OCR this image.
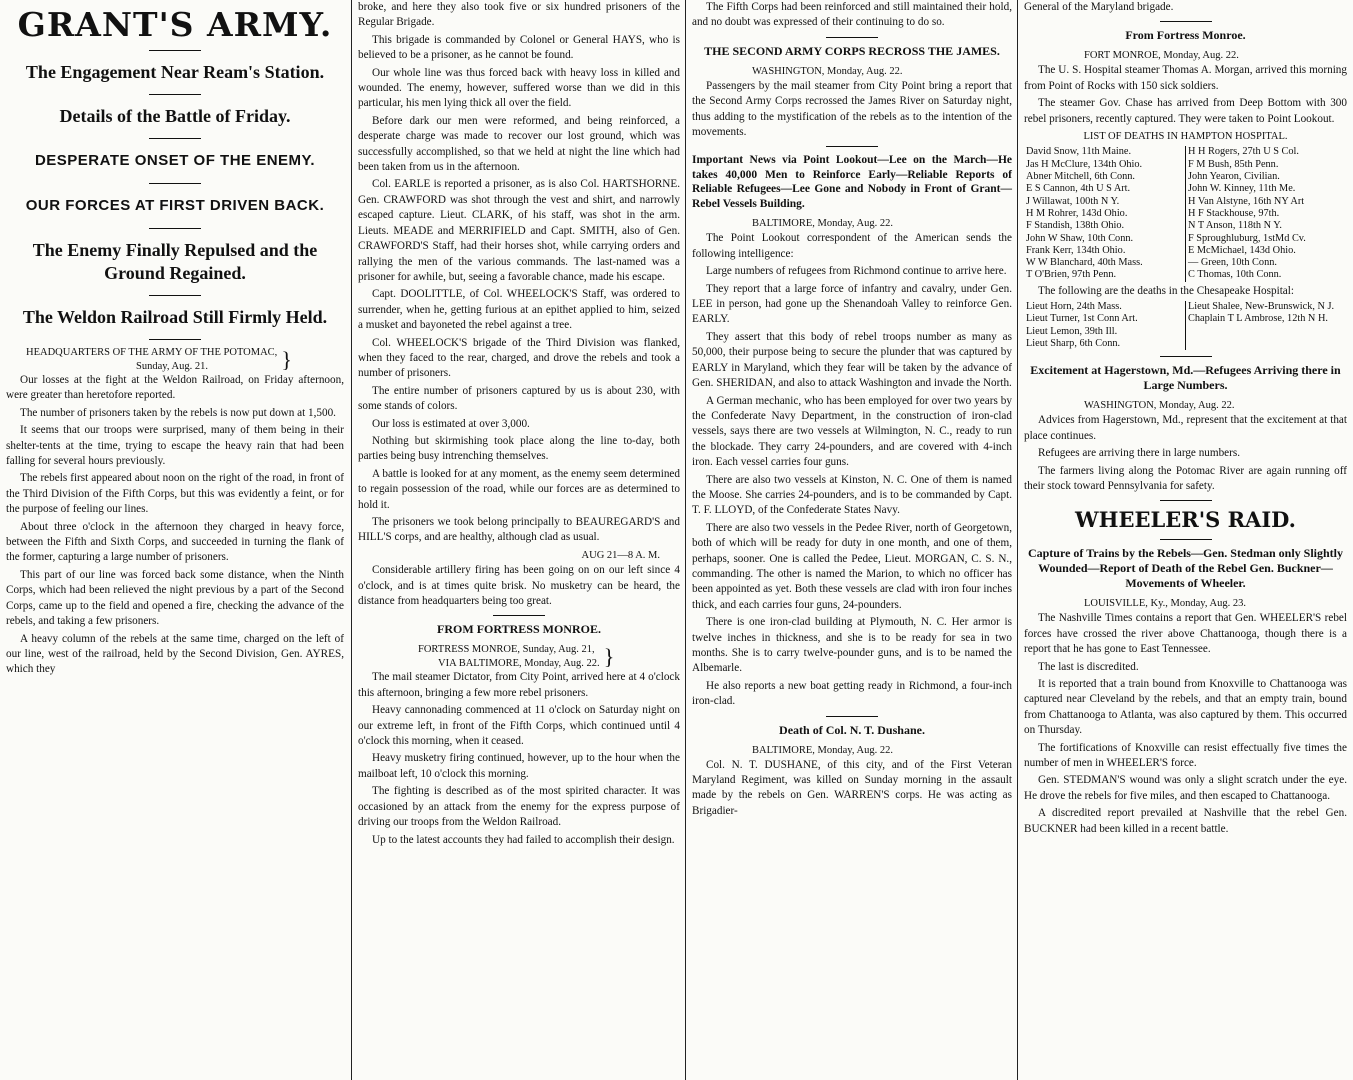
GRANT'S ARMY.
The Engagement Near Ream's Station.
Details of the Battle of Friday.
DESPERATE ONSET OF THE ENEMY.
OUR FORCES AT FIRST DRIVEN BACK.
The Enemy Finally Repulsed and the Ground Regained.
The Weldon Railroad Still Firmly Held.
HEADQUARTERS OF THE ARMY OF THE POTOMAC,
Sunday, Aug. 21.	}

Our losses at the fight at the Weldon Railroad, on Friday afternoon, were greater than heretofore reported.

The number of prisoners taken by the rebels is now put down at 1,500.

It seems that our troops were surprised, many of them being in their shelter-tents at the time, trying to escape the heavy rain that had been falling for several hours previously.

The rebels first appeared about noon on the right of the road, in front of the Third Division of the Fifth Corps, but this was evidently a feint, or for the purpose of feeling our lines.

About three o'clock in the afternoon they charged in heavy force, between the Fifth and Sixth Corps, and succeeded in turning the flank of the former, capturing a large number of prisoners.

This part of our line was forced back some distance, when the Ninth Corps, which had been relieved the night previous by a part of the Second Corps, came up to the field and opened a fire, checking the advance of the rebels, and taking a few prisoners.

A heavy column of the rebels at the same time, charged on the left of our line, west of the railroad, held by the Second Division, Gen. AYRES, which they

broke, and here they also took five or six hundred prisoners of the Regular Brigade.

This brigade is commanded by Colonel or General HAYS, who is believed to be a prisoner, as he cannot be found.

Our whole line was thus forced back with heavy loss in killed and wounded. The enemy, however, suffered worse than we did in this particular, his men lying thick all over the field.

Before dark our men were reformed, and being reinforced, a desperate charge was made to recover our lost ground, which was successfully accomplished, so that we held at night the line which had been taken from us in the afternoon.

Col. EARLE is reported a prisoner, as is also Col. HARTSHORNE. Gen. CRAWFORD was shot through the vest and shirt, and narrowly escaped capture. Lieut. CLARK, of his staff, was shot in the arm. Lieuts. MEADE and MERRIFIELD and Capt. SMITH, also of Gen. CRAWFORD'S Staff, had their horses shot, while carrying orders and rallying the men of the various commands. The last-named was a prisoner for awhile, but, seeing a favorable chance, made his escape.

Capt. DOOLITTLE, of Col. WHEELOCK'S Staff, was ordered to surrender, when he, getting furious at an epithet applied to him, seized a musket and bayoneted the rebel against a tree.

Col. WHEELOCK'S brigade of the Third Division was flanked, when they faced to the rear, charged, and drove the rebels and took a number of prisoners.

The entire number of prisoners captured by us is about 230, with some stands of colors.

Our loss is estimated at over 3,000.

Nothing but skirmishing took place along the line to-day, both parties being busy intrenching themselves.

A battle is looked for at any moment, as the enemy seem determined to regain possession of the road, while our forces are as determined to hold it.

The prisoners we took belong principally to BEAUREGARD'S and HILL'S corps, and are healthy, although clad as usual.

AUG 21—8 A. M.

Considerable artillery firing has been going on on our left since 4 o'clock, and is at times quite brisk. No musketry can be heard, the distance from headquarters being too great.

FROM FORTRESS MONROE.
FORTRESS MONROE, Sunday, Aug. 21,
VIA BALTIMORE, Monday, Aug. 22. }

The mail steamer Dictator, from City Point, arrived here at 4 o'clock this afternoon, bringing a few more rebel prisoners.

Heavy cannonading commenced at 11 o'clock on Saturday night on our extreme left, in front of the Fifth Corps, which continued until 4 o'clock this morning, when it ceased.

Heavy musketry firing continued, however, up to the hour when the mailboat left, 10 o'clock this morning.

The fighting is described as of the most spirited character. It was occasioned by an attack from the enemy for the express purpose of driving our troops from the Weldon Railroad.

Up to the latest accounts they had failed to accomplish their design.

The Fifth Corps had been reinforced and still maintained their hold, and no doubt was expressed of their continuing to do so.

THE SECOND ARMY CORPS RECROSS THE JAMES.
WASHINGTON, Monday, Aug. 22.

Passengers by the mail steamer from City Point bring a report that the Second Army Corps recrossed the James River on Saturday night, thus adding to the mystification of the rebels as to the intention of the movements.

Important News via Point Lookout—Lee on the March—He takes 40,000 Men to Reinforce Early—Reliable Reports of Reliable Refugees—Lee Gone and Nobody in Front of Grant—Rebel Vessels Building.
BALTIMORE, Monday, Aug. 22.

The Point Lookout correspondent of the American sends the following intelligence:

Large numbers of refugees from Richmond continue to arrive here.

They report that a large force of infantry and cavalry, under Gen. LEE in person, had gone up the Shenandoah Valley to reinforce Gen. EARLY.

They assert that this body of rebel troops number as many as 50,000, their purpose being to secure the plunder that was captured by EARLY in Maryland, which they fear will be taken by the advance of Gen. SHERIDAN, and also to attack Washington and invade the North.

A German mechanic, who has been employed for over two years by the Confederate Navy Department, in the construction of iron-clad vessels, says there are two vessels at Wilmington, N. C., ready to run the blockade. They carry 24-pounders, and are covered with 4-inch iron. Each vessel carries four guns.

There are also two vessels at Kinston, N. C. One of them is named the Moose. She carries 24-pounders, and is to be commanded by Capt. T. F. LLOYD, of the Confederate States Navy.

There are also two vessels in the Pedee River, north of Georgetown, both of which will be ready for duty in one month, and one of them, perhaps, sooner. One is called the Pedee, Lieut. MORGAN, C. S. N., commanding. The other is named the Marion, to which no officer has been appointed as yet. Both these vessels are clad with iron four inches thick, and each carries four guns, 24-pounders.

There is one iron-clad building at Plymouth, N. C. Her armor is twelve inches in thickness, and she is to be ready for sea in two months. She is to carry twelve-pounder guns, and is to be named the Albemarle.

He also reports a new boat getting ready in Richmond, a four-inch iron-clad.

Death of Col. N. T. Dushane.
BALTIMORE, Monday, Aug. 22.

Col. N. T. DUSHANE, of this city, and of the First Veteran Maryland Regiment, was killed on Sunday morning in the assault made by the rebels on Gen. WARREN'S corps. He was acting as Brigadier-

General of the Maryland brigade.

From Fortress Monroe.
FORT MONROE, Monday, Aug. 22.

The U. S. Hospital steamer Thomas A. Morgan, arrived this morning from Point of Rocks with 150 sick soldiers.

The steamer Gov. Chase has arrived from Deep Bottom with 300 rebel prisoners, recently captured. They were taken to Point Lookout.

LIST OF DEATHS IN HAMPTON HOSPITAL.
David Snow, 11th Maine.	H H Rogers, 27th U S Col.
Jas H McClure, 134th Ohio.	F M Bush, 85th Penn.
Abner Mitchell, 6th Conn.	John Yearon, Civilian.
E S Cannon, 4th U S Art.	John W. Kinney, 11th Me.
J Willawat, 100th N Y.	H Van Alstyne, 16th NY Art
H M Rohrer, 143d Ohio.	H F Stackhouse, 97th.
F Standish, 138th Ohio.	N T Anson, 118th N Y.
John W Shaw, 10th Conn.	F Sproughluburg, 1stMd Cv.
Frank Kerr, 134th Ohio.	E McMichael, 143d Ohio.
W W Blanchard, 40th Mass.	— Green, 10th Conn.
T O'Brien, 97th Penn.	C Thomas, 10th Conn.

The following are the deaths in the Chesapeake Hospital:

Lieut Horn, 24th Mass.	Lieut Shalee, New-Brunswick, N J.
Lieut Turner, 1st Conn Art.	Chaplain T L Ambrose, 12th N H.
Lieut Lemon, 39th Ill.	
Lieut Sharp, 6th Conn.	
Excitement at Hagerstown, Md.—Refugees Arriving there in Large Numbers.
WASHINGTON, Monday, Aug. 22.

Advices from Hagerstown, Md., represent that the excitement at that place continues.

Refugees are arriving there in large numbers.

The farmers living along the Potomac River are again running off their stock toward Pennsylvania for safety.

WHEELER'S RAID.
Capture of Trains by the Rebels—Gen. Stedman only Slightly Wounded—Report of Death of the Rebel Gen. Buckner—Movements of Wheeler.
LOUISVILLE, Ky., Monday, Aug. 23.

The Nashville Times contains a report that Gen. WHEELER'S rebel forces have crossed the river above Chattanooga, though there is a report that he has gone to East Tennessee.

The last is discredited.

It is reported that a train bound from Knoxville to Chattanooga was captured near Cleveland by the rebels, and that an empty train, bound from Chattanooga to Atlanta, was also captured by them. This occurred on Thursday.

The fortifications of Knoxville can resist effectually five times the number of men in WHEELER'S force.

Gen. STEDMAN'S wound was only a slight scratch under the eye. He drove the rebels for five miles, and then escaped to Chattanooga.

A discredited report prevailed at Nashville that the rebel Gen. BUCKNER had been killed in a recent battle.
